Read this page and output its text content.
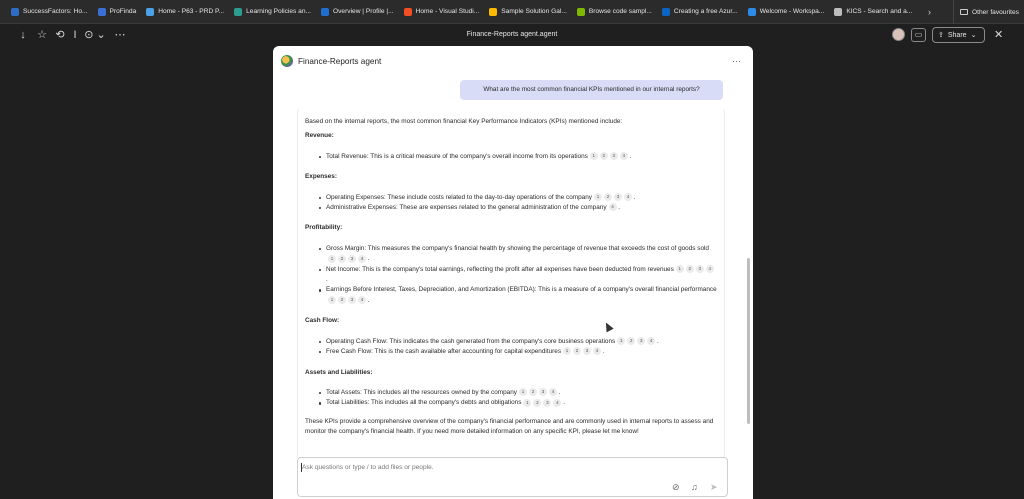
SuccessFactors: Ho...	ProFinda	Home - P63 - PRD P...	Learning Policies an...	Overview | Profile |...	Home - Visual Studi...	Sample Solution Gal...	Browse code sampl...	Creating a free Azur...	Welcome - Workspa...	KICS - Search and a... ›	Other favourites
Finance-Reports agent.agent
↓ ☆ ⟲ I ⊙ ⌄ ⋯	▭	⇪ Share ⌄ ✕
Finance-Reports agent	⋯
What are the most common financial KPIs mentioned in our internal reports?

Based on the internal reports, the most common financial Key Performance Indicators (KPIs) mentioned include:

Revenue:

Total Revenue: This is a critical measure of the company's overall income from its operations 1 2 3 4 .

Expenses:

Operating Expenses: These include costs related to the day-to-day operations of the company 1 2 3 4 .
Administrative Expenses: These are expenses related to the general administration of the company 4 .

Profitability:

Gross Margin: This measures the company's financial health by showing the percentage of revenue that exceeds the cost of goods sold1 2 3 4 .
Net Income: This is the company's total earnings, reflecting the profit after all expenses have been deducted from revenues 1 2 3 4 .
Earnings Before Interest, Taxes, Depreciation, and Amortization (EBITDA): This is a measure of a company's overall financial performance1 2 3 4 .

Cash Flow:

Operating Cash Flow: This indicates the cash generated from the company's core business operations 1 2 3 4 .
Free Cash Flow: This is the cash available after accounting for capital expenditures 1 2 3 4 .

Assets and Liabilities:

Total Assets: This includes all the resources owned by the company 1 2 3 4 .
Total Liabilities: This includes all the company's debts and obligations 1 2 3 4 .

These KPIs provide a comprehensive overview of the company's financial performance and are commonly used in internal reports to assess and monitor the company's financial health. If you need more detailed information on any specific KPI, please let me know!

Ask questions or type / to add files or people.
⊘ ♫ ➤
